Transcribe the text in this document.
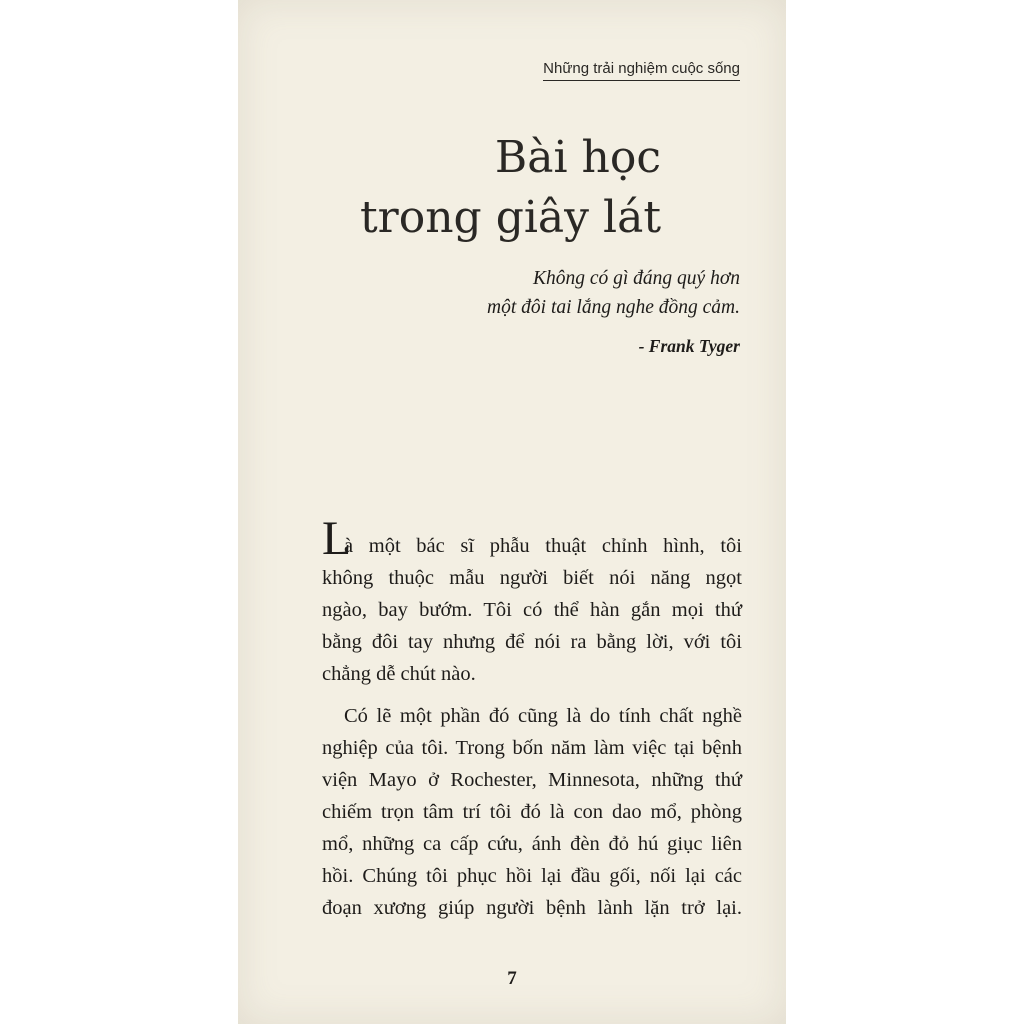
Những trải nghiệm cuộc sống
Bài học
trong giây lát
Không có gì đáng quý hơn
một đôi tai lắng nghe đồng cảm.
- Frank Tyger
L
à một bác sĩ phẫu thuật chỉnh hình, tôi
không thuộc mẫu người biết nói năng ngọt
ngào, bay bướm. Tôi có thể hàn gắn mọi thứ
bằng đôi tay nhưng để nói ra bằng lời, với tôi
chẳng dễ chút nào.
Có lẽ một phần đó cũng là do tính chất nghề
nghiệp của tôi. Trong bốn năm làm việc tại bệnh
viện Mayo ở Rochester, Minnesota, những thứ
chiếm trọn tâm trí tôi đó là con dao mổ, phòng
mổ, những ca cấp cứu, ánh đèn đỏ hú giục liên
hồi. Chúng tôi phục hồi lại đầu gối, nối lại các
đoạn xương giúp người bệnh lành lặn trở lại.
7
